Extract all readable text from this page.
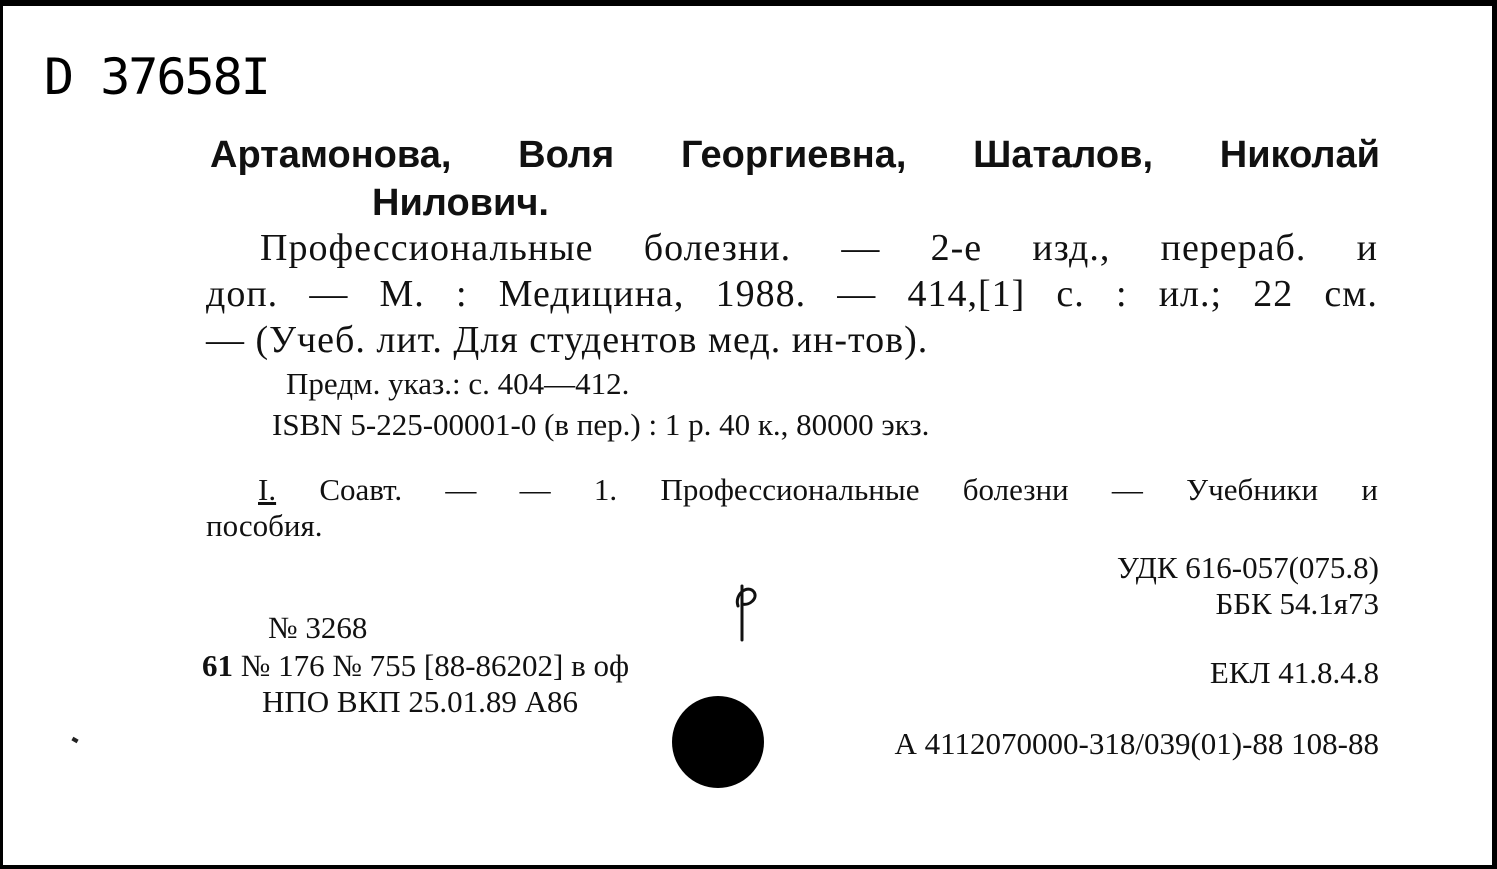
D 37658I
Артамонова, Воля Георгиевна, Шаталов, Николай
Нилович.
Профессиональные болезни. — 2-е изд., перераб. и
доп. — М. : Медицина, 1988. — 414,[1] с. : ил.; 22 см.
— (Учеб. лит. Для студентов мед. ин-тов).
Предм. указ.: с. 404—412.
ISBN 5-225-00001-0 (в пер.) : 1 р. 40 к., 80000 экз.
I. Соавт. — — 1. Профессиональные болезни — Учебники и
пособия.
УДК 616-057(075.8)
ББК 54.1я73
№ 3268
61 № 176 № 755 [88-86202] в оф
НПО ВКП 25.01.89 А86
ЕКЛ 41.8.4.8
А 4112070000-318/039(01)-88 108-88
